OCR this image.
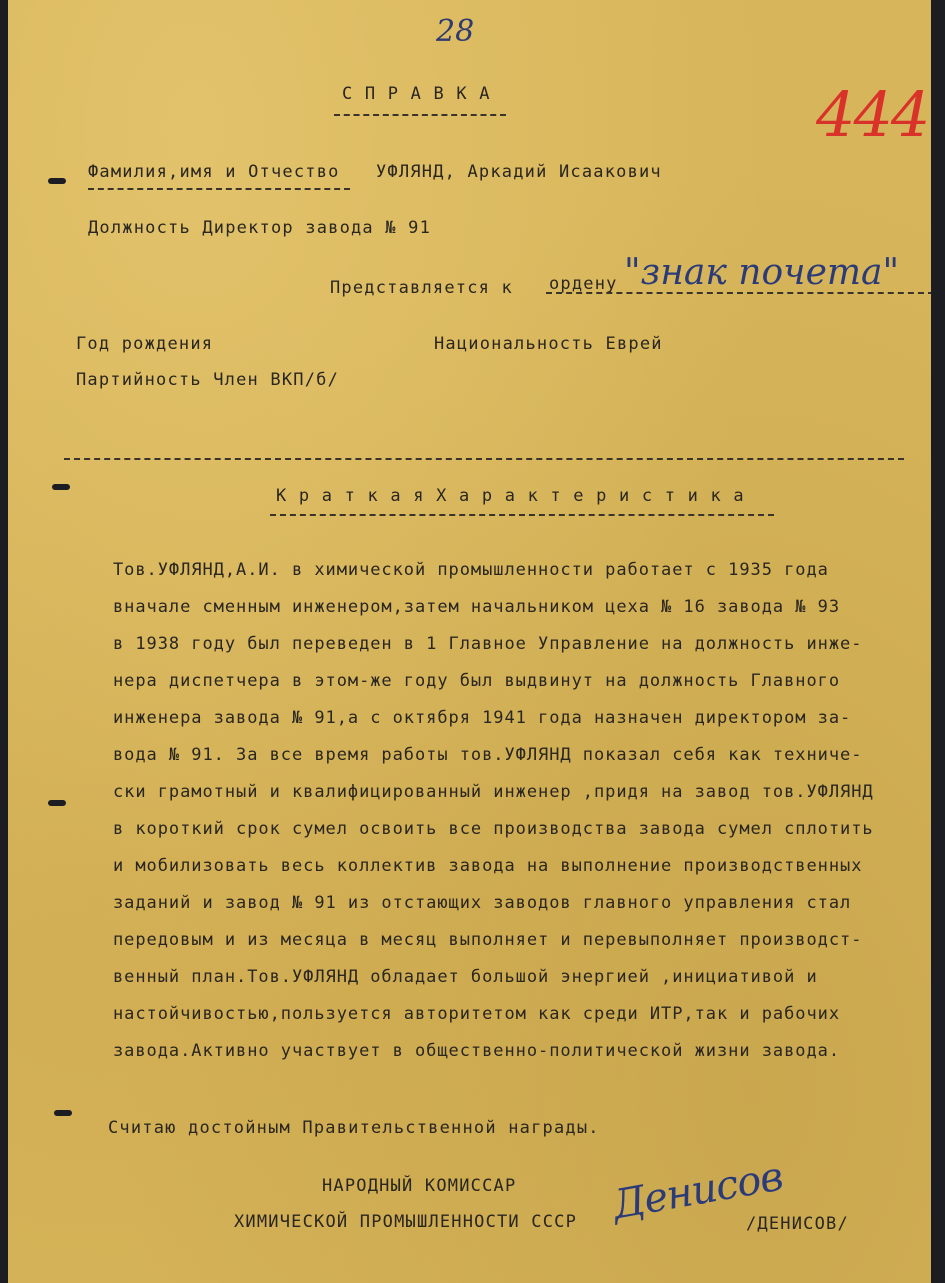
28
444
С П Р А В К А
Фамилия,имя и Отчество УФЛЯНД, Аркадий Исаакович
Должность Директор завода № 91
Представляется к ордену "знак почета"
Год рождения	Национальность Еврей
Партийность Член ВКП/б/
К р а т к а я Х а р а к т е р и с т и к а
Тов.УФЛЯНД,А.И. в химической промышленности работает с 1935 года
вначале сменным инженером,затем начальником цеха № 16 завода № 93
в 1938 году был переведен в 1 Главное Управление на должность инже-
нера диспетчера в этом-же году был выдвинут на должность Главного
инженера завода № 91,а с октября 1941 года назначен директором за-
вода № 91. За все время работы тов.УФЛЯНД показал себя как техниче-
ски грамотный и квалифицированный инженер ,придя на завод тов.УФЛЯНД
в короткий срок сумел освоить все производства завода сумел сплотить
и мобилизовать весь коллектив завода на выполнение производственных
заданий и завод № 91 из отстающих заводов главного управления стал
передовым и из месяца в месяц выполняет и перевыполняет производст-
венный план.Тов.УФЛЯНД обладает большой энергией ,инициативой и
настойчивостью,пользуется авторитетом как среди ИТР,так и рабочих
завода.Активно участвует в общественно-политической жизни завода.
Считаю достойным Правительственной награды.
НАРОДНЫЙ КОМИССАР
ХИМИЧЕСКОЙ ПРОМЫШЛЕННОСТИ СССР Денисов
/ДЕНИСОВ/
